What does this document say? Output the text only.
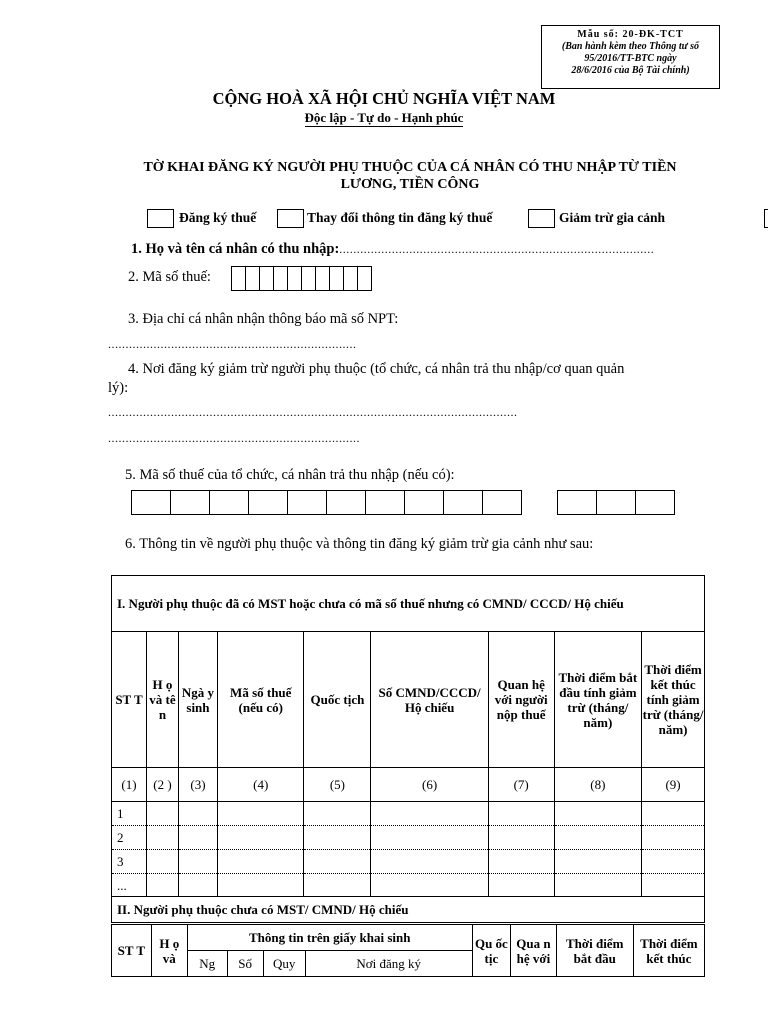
Mẫu số: 20-ĐK-TCT
(Ban hành kèm theo Thông tư số
95/2016/TT-BTC ngày
28/6/2016 của Bộ Tài chính)
CỘNG HOÀ XÃ HỘI CHỦ NGHĨA VIỆT NAM
Độc lập - Tự do - Hạnh phúc
TỜ KHAI ĐĂNG KÝ NGƯỜI PHỤ THUỘC CỦA CÁ NHÂN CÓ THU NHẬP TỪ TIỀN
LƯƠNG, TIỀN CÔNG
Đăng ký thuế	Thay đổi thông tin đăng ký thuế	Giảm trừ gia cảnh
1. Họ và tên cá nhân có thu nhập:..........................................................................................
2. Mã số thuế:
3. Địa chỉ cá nhân nhận thông báo mã số NPT:
.......................................................................
4. Nơi đăng ký giảm trừ người phụ thuộc (tổ chức, cá nhân trả thu nhập/cơ quan quản
lý):
.....................................................................................................................
........................................................................
5. Mã số thuế của tổ chức, cá nhân trả thu nhập (nếu có):
6. Thông tin về người phụ thuộc và thông tin đăng ký giảm trừ gia cảnh như sau:
I. Người phụ thuộc đã có MST hoặc chưa có mã số thuế nhưng có CMND/ CCCD/ Hộ chiếu								
ST T	H ọ và tê n	Ngà y sinh	Mã số thuế (nếu có)	Quốc tịch	Số CMND/CCCD/ Hộ chiếu	Quan hệ với người nộp thuế	Thời điểm bắt đầu tính giảm trừ (tháng/ năm)	Thời điểm kết thúc tính giảm trừ (tháng/ năm)
(1)	(2 )	(3)	(4)	(5)	(6)	(7)	(8)	(9)
1								
2								
3								
...								
II. Người phụ thuộc chưa có MST/ CMND/ Hộ chiếu								
ST T	H ọ và	Thông tin trên giấy khai sinh				Qu ốc tịc	Qua n hệ với	Thời điểm bắt đầu	Thời điểm kết thúc
		Ng	Số	Quy	Nơi đăng ký				
